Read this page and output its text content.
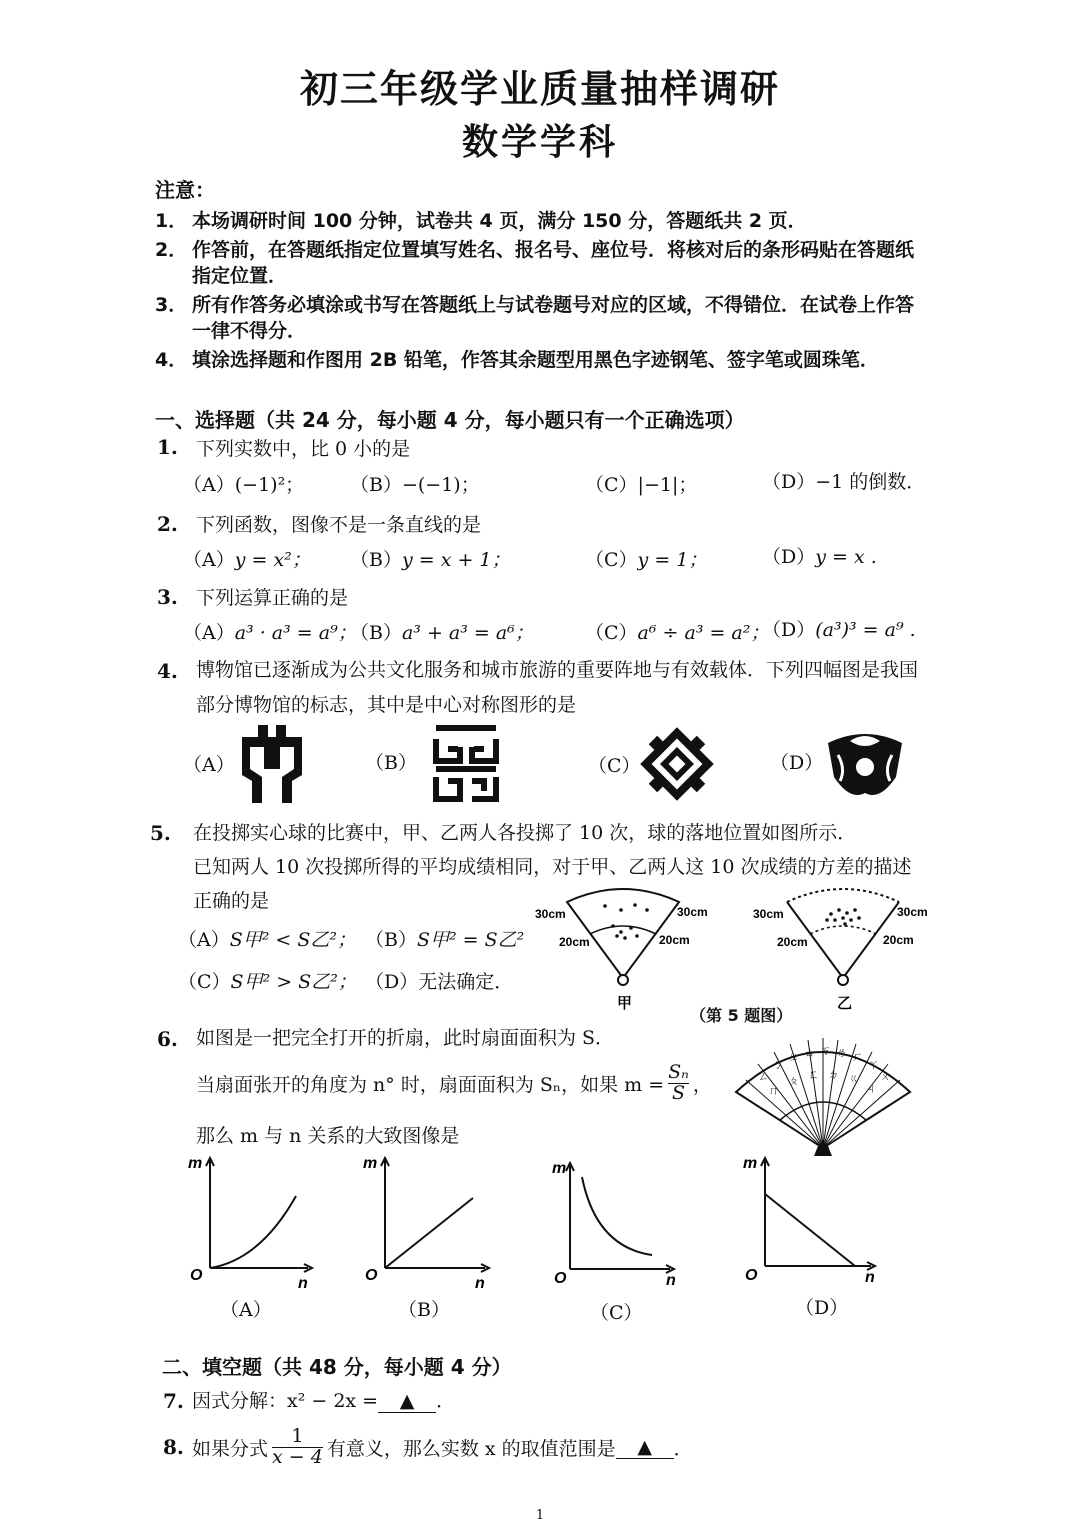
初三年级学业质量抽样调研
数学学科
注意：
1． 本场调研时间 100 分钟，试卷共 4 页，满分 150 分，答题纸共 2 页．
2． 作答前，在答题纸指定位置填写姓名、报名号、座位号．将核对后的条形码贴在答题纸
指定位置．
3． 所有作答务必填涂或书写在答题纸上与试卷题号对应的区域，不得错位．在试卷上作答
一律不得分．
4． 填涂选择题和作图用 2B 铅笔，作答其余题型用黑色字迹钢笔、签字笔或圆珠笔．
一、选择题（共 24 分，每小题 4 分，每小题只有一个正确选项）
1. 下列实数中，比 0 小的是
（A）(−1)²； （B）−(−1)；	（C）|−1|；	（D）−1 的倒数．
2. 下列函数，图像不是一条直线的是
（A）y = x²； （B）y = x + 1；	（C）y = 1；	（D）y = x .
3. 下列运算正确的是
（A）a³ · a³ = a⁹；
（B）a³ + a³ = a⁶；	（C）a⁶ ÷ a³ = a²；
（D）(a³)³ = a⁹ .
4. 博物馆已逐渐成为公共文化服务和城市旅游的重要阵地与有效载体．下列四幅图是我国
部分博物馆的标志，其中是中心对称图形的是
（A）	（B）	（C）	（D）
5. 在投掷实心球的比赛中，甲、乙两人各投掷了 10 次，球的落地位置如图所示．
已知两人 10 次投掷所得的平均成绩相同，对于甲、乙两人这 10 次成绩的方差的描述
正确的是
（A）S甲² < S乙²； （B）S甲² = S乙²
（C）S甲² > S乙²； （D）无法确定．
30cm	30cm
20cm	20cm
甲
30cm	30cm
20cm	20cm
乙
（第 5 题图）
6. 如图是一把完全打开的折扇，此时扇面面积为 S．
当扇面张开的角度为 n° 时，扇面面积为 Sₙ，如果 $m = \frac{\text{Sₙ}}{S}$ ，
那么 m 与 n 关系的大致图像是
ㄥ
ㄅ
ㄓ ㄊ ㄎ ㄌ ㄏ
ㄚ
ㄨ
ㄇ
ㄆ ㄈ ㄉ ㄍ
ㄐ
m
O	n
（A）
m
O	n
（B）
m
O	n
（C）
m
O	n
（D）
二、填空题（共 48 分，每小题 4 分）
7. 因式分解：x² − 2x = ▲ ．
8. 如果分式 $\frac{1}{x - 4}$ 有意义，那么实数 x 的取值范围是	▲	．
1
